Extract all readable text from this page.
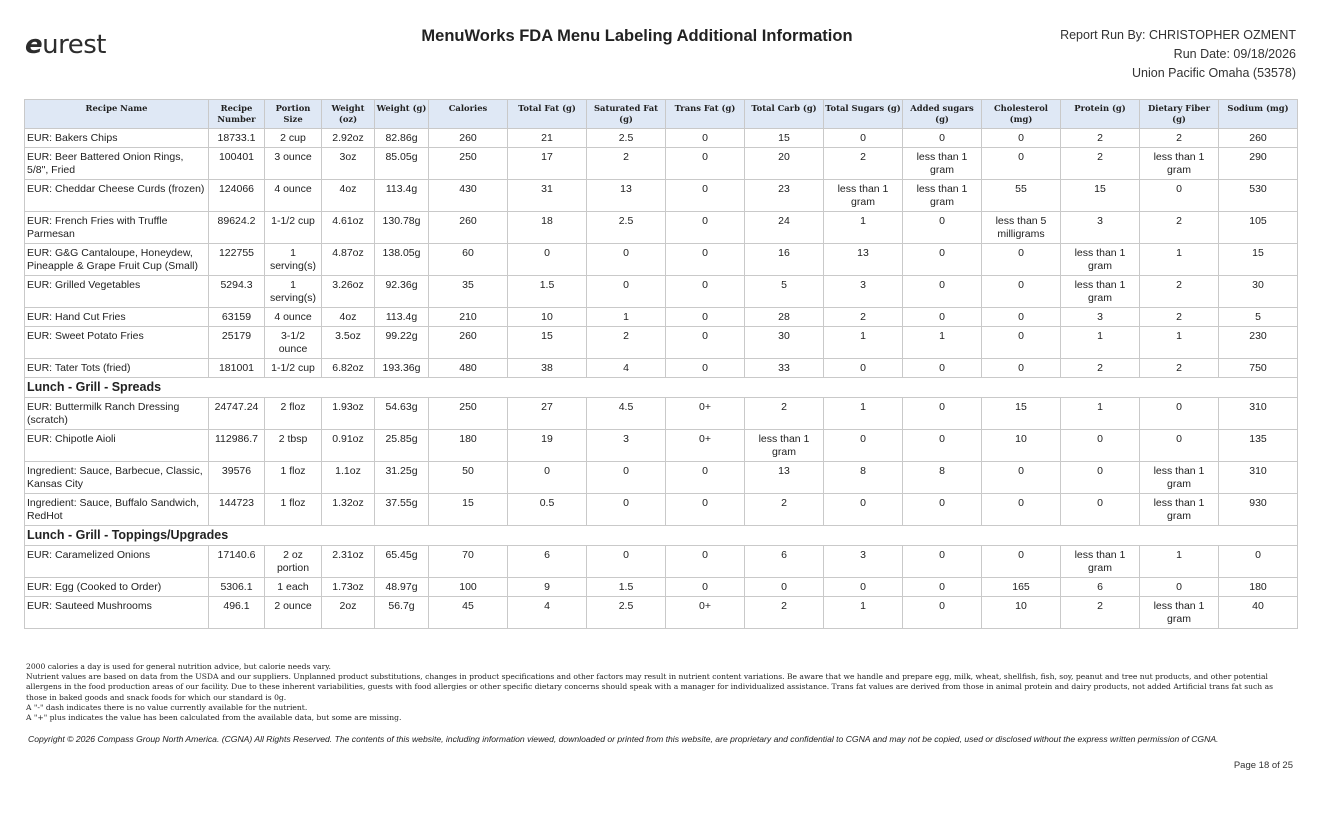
eurest	MenuWorks FDA Menu Labeling Additional Information	Report Run By: CHRISTOPHER OZMENT
Run Date: 09/18/2026
Union Pacific Omaha (53578)
Recipe Name	Recipe Number	Portion Size	Weight (oz)	Weight (g)	Calories	Total Fat (g)	Saturated Fat (g)	Trans Fat (g)	Total Carb (g)	Total Sugars (g)	Added sugars (g)	Cholesterol (mg)	Protein (g)	Dietary Fiber (g)	Sodium (mg)
EUR: Bakers Chips	18733.1	2 cup	2.92oz	82.86g	260	21	2.5	0	15	0	0	0	2	2	260
EUR: Beer Battered Onion Rings, 5/8", Fried	100401	3 ounce	3oz	85.05g	250	17	2	0	20	2	less than 1 gram	0	2	less than 1 gram	290
EUR: Cheddar Cheese Curds (frozen)	124066	4 ounce	4oz	113.4g	430	31	13	0	23	less than 1 gram	less than 1 gram	55	15	0	530
EUR: French Fries with Truffle Parmesan	89624.2	1-1/2 cup	4.61oz	130.78g	260	18	2.5	0	24	1	0	less than 5 milligrams	3	2	105
EUR: G&G Cantaloupe, Honeydew, Pineapple & Grape Fruit Cup (Small)	122755	1 serving(s)	4.87oz	138.05g	60	0	0	0	16	13	0	0	less than 1 gram	1	15
EUR: Grilled Vegetables	5294.3	1 serving(s)	3.26oz	92.36g	35	1.5	0	0	5	3	0	0	less than 1 gram	2	30
EUR: Hand Cut Fries	63159	4 ounce	4oz	113.4g	210	10	1	0	28	2	0	0	3	2	5
EUR: Sweet Potato Fries	25179	3-1/2 ounce	3.5oz	99.22g	260	15	2	0	30	1	1	0	1	1	230
EUR: Tater Tots (fried)	181001	1-1/2 cup	6.82oz	193.36g	480	38	4	0	33	0	0	0	2	2	750
Lunch - Grill - Spreads															
EUR: Buttermilk Ranch Dressing (scratch)	24747.24	2 floz	1.93oz	54.63g	250	27	4.5	0+	2	1	0	15	1	0	310
EUR: Chipotle Aioli	112986.7	2 tbsp	0.91oz	25.85g	180	19	3	0+	less than 1 gram	0	0	10	0	0	135
Ingredient: Sauce, Barbecue, Classic, Kansas City	39576	1 floz	1.1oz	31.25g	50	0	0	0	13	8	8	0	0	less than 1 gram	310
Ingredient: Sauce, Buffalo Sandwich, RedHot	144723	1 floz	1.32oz	37.55g	15	0.5	0	0	2	0	0	0	0	less than 1 gram	930
Lunch - Grill - Toppings/Upgrades															
EUR: Caramelized Onions	17140.6	2 oz portion	2.31oz	65.45g	70	6	0	0	6	3	0	0	less than 1 gram	1	0
EUR: Egg (Cooked to Order)	5306.1	1 each	1.73oz	48.97g	100	9	1.5	0	0	0	0	165	6	0	180
EUR: Sauteed Mushrooms	496.1	2 ounce	2oz	56.7g	45	4	2.5	0+	2	1	0	10	2	less than 1 gram	40
2000 calories a day is used for general nutrition advice, but calorie needs vary.
Nutrient values are based on data from the USDA and our suppliers. Unplanned product substitutions, changes in product specifications and other factors may result in nutrient content variations. Be aware that we handle and prepare egg, milk, wheat, shellfish, fish, soy, peanut and tree nut products, and other potential allergens in the food production areas of our facility. Due to these inherent variabilities, guests with food allergies or other specific dietary concerns should speak with a manager for individualized assistance. Trans fat values are derived from those in animal protein and dairy products, not added Artificial trans fat such as those in baked goods and snack foods for which our standard is 0g.
A "-" dash indicates there is no value currently available for the nutrient.
A "+" plus indicates the value has been calculated from the available data, but some are missing.
Copyright © 2026 Compass Group North America. (CGNA) All Rights Reserved. The contents of this website, including information viewed, downloaded or printed from this website, are proprietary and confidential to CGNA and may not be copied, used or disclosed without the express written permission of CGNA.
Page 18 of 25
